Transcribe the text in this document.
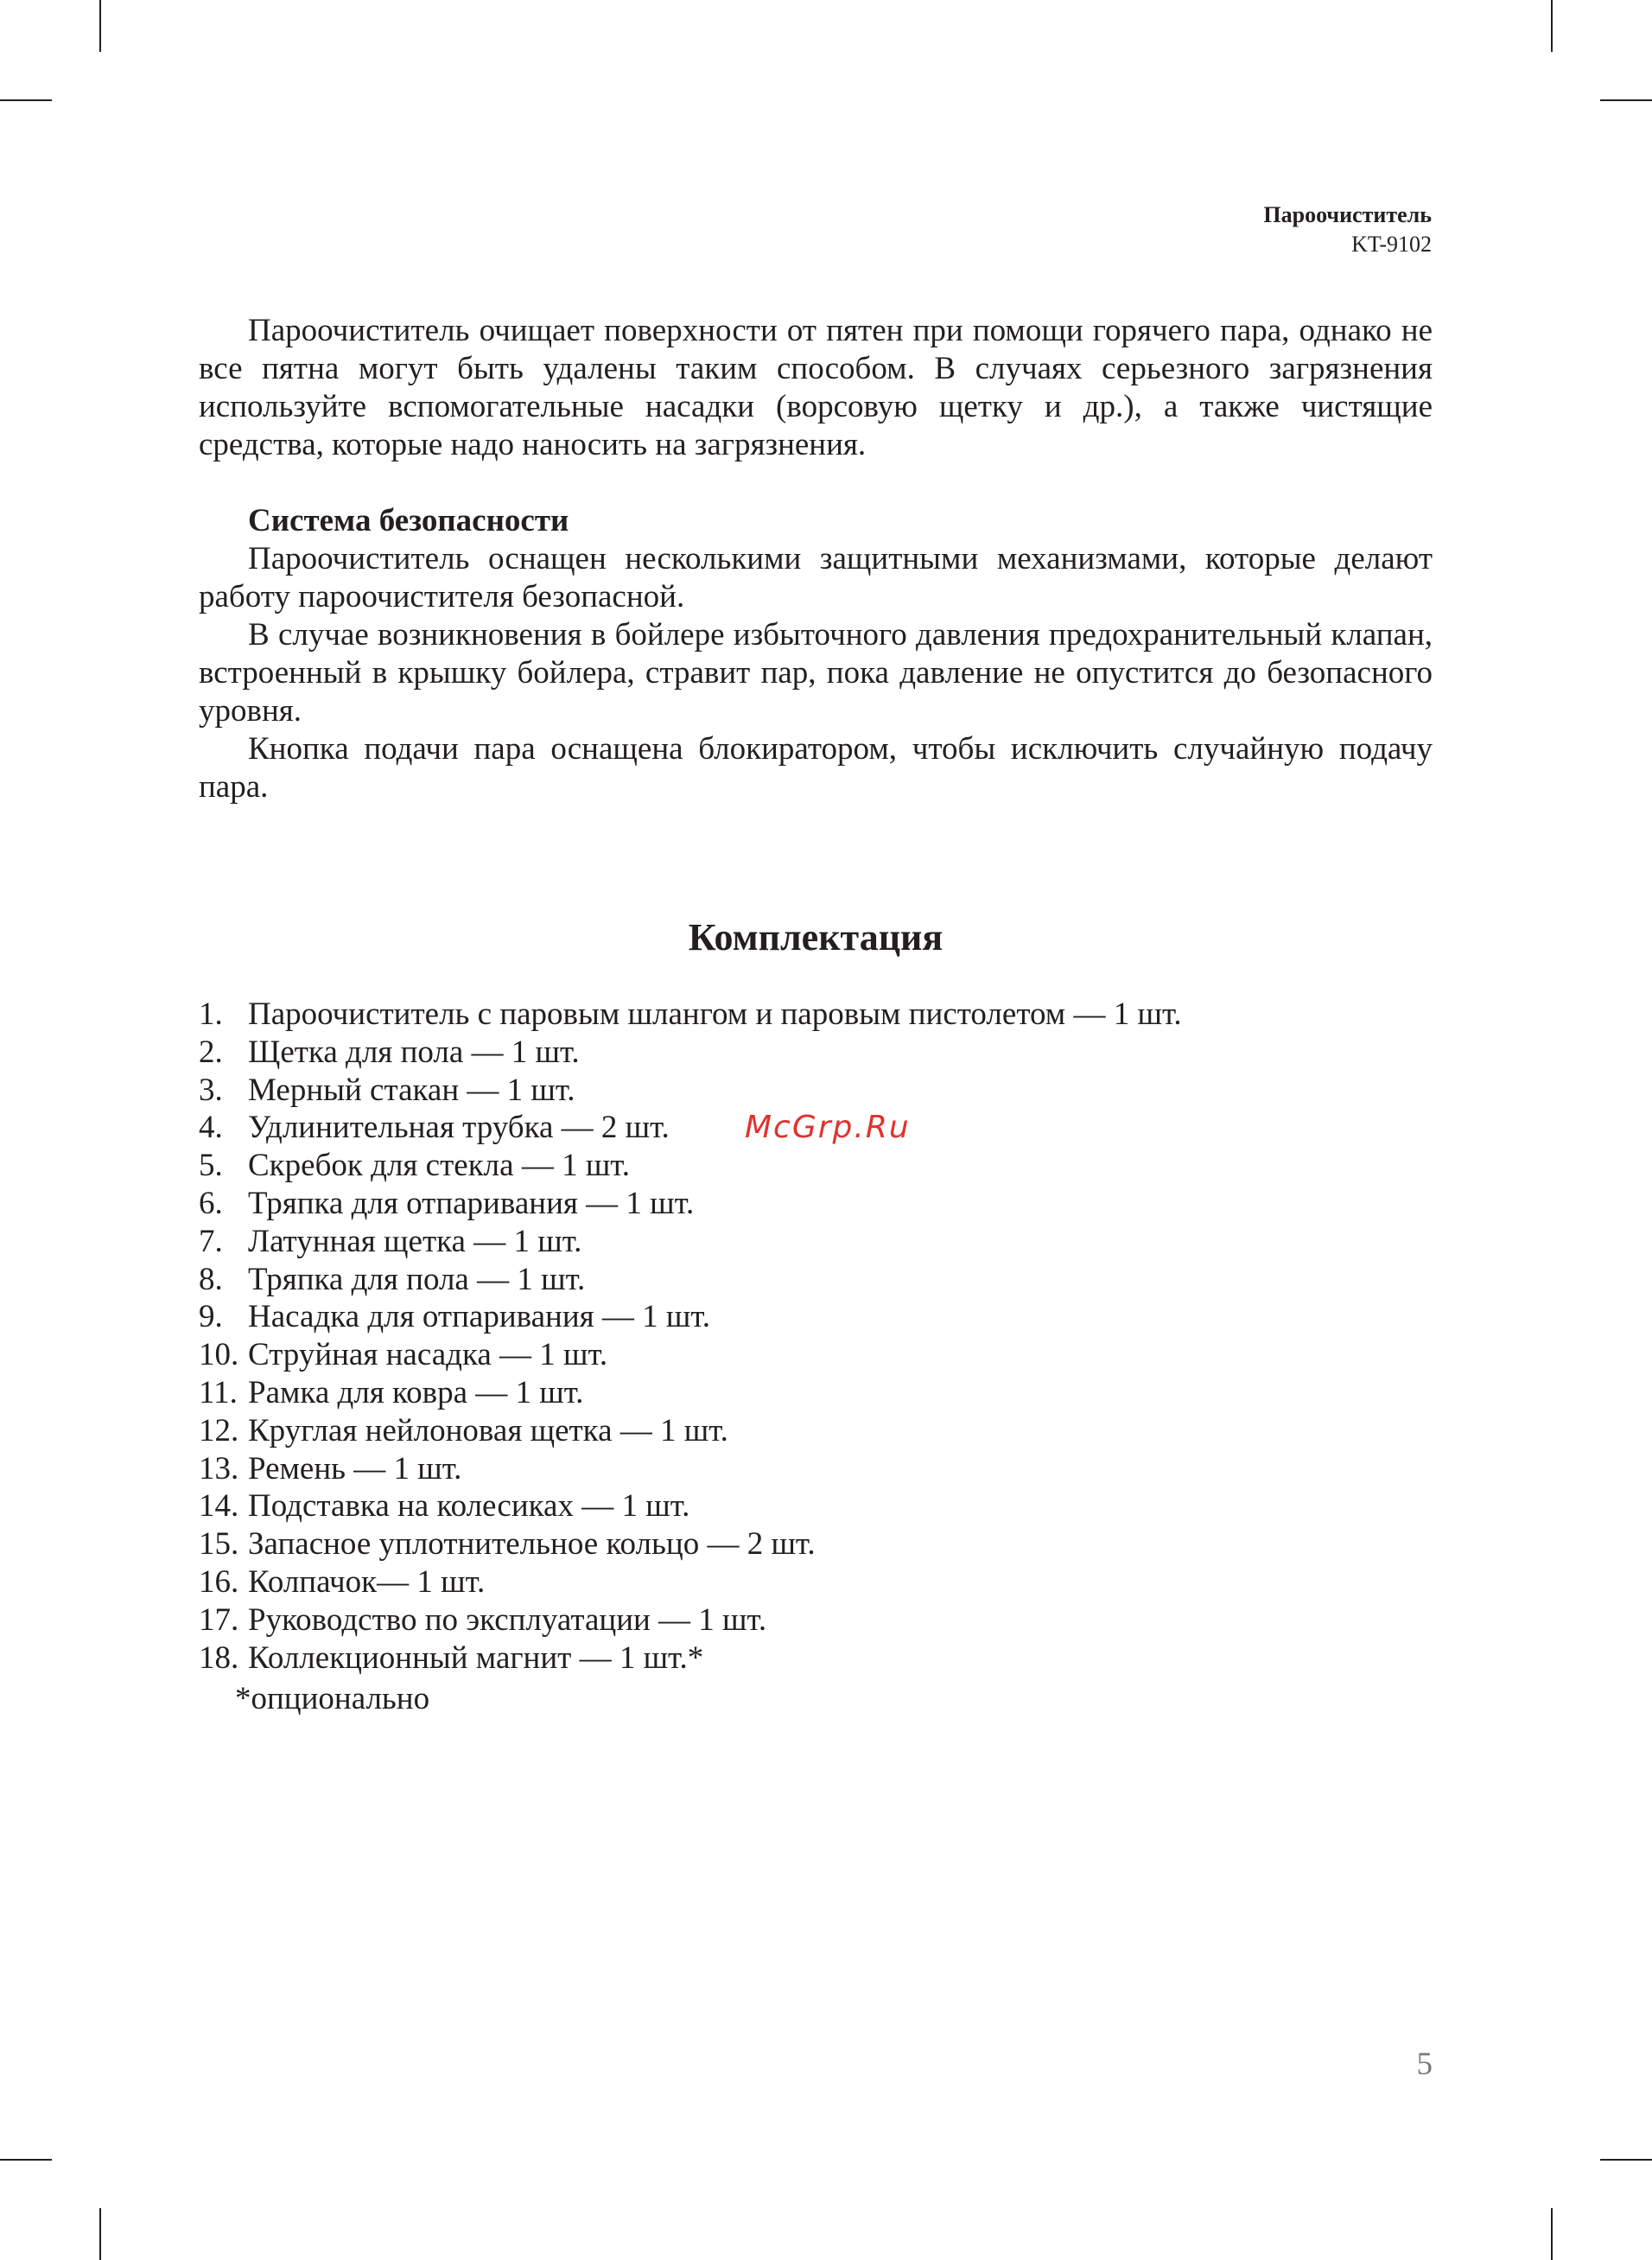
Пароочиститель
KT-9102

Пароочиститель очищает поверхности от пятен при помощи горячего пара, однако не все пятна могут быть удалены таким способом. В случаях серьезного загрязнения используйте вспомогательные насадки (ворсовую щетку и др.), а также чистящие средства, которые надо наносить на загрязнения.

Система безопасности

Пароочиститель оснащен несколькими защитными механизмами, которые делают работу пароочистителя безопасной.

В случае возникновения в бойлере избыточного давления предохранительный клапан, встроенный в крышку бойлера, стравит пар, пока давление не опустится до безопасного уровня.

Кнопка подачи пара оснащена блокиратором, чтобы исключить случайную подачу пара.

Комплектация
1. Пароочиститель с паровым шлангом и паровым пистолетом — 1 шт.
2. Щетка для пола — 1 шт.
3. Мерный стакан — 1 шт.
4. Удлинительная трубка — 2 шт.
5. Скребок для стекла — 1 шт.
6. Тряпка для отпаривания — 1 шт.
7. Латунная щетка — 1 шт.
8. Тряпка для пола — 1 шт.
9. Насадка для отпаривания — 1 шт.
10. Струйная насадка — 1 шт.
11. Рамка для ковра — 1 шт.
12. Круглая нейлоновая щетка — 1 шт.
13. Ремень — 1 шт.
14. Подставка на колесиках — 1 шт.
15. Запасное уплотнительное кольцо — 2 шт.
16. Колпачок— 1 шт.
17. Руководство по эксплуатации — 1 шт.
18. Коллекционный магнит — 1 шт.*
*опционально
McGrp.Ru
5
